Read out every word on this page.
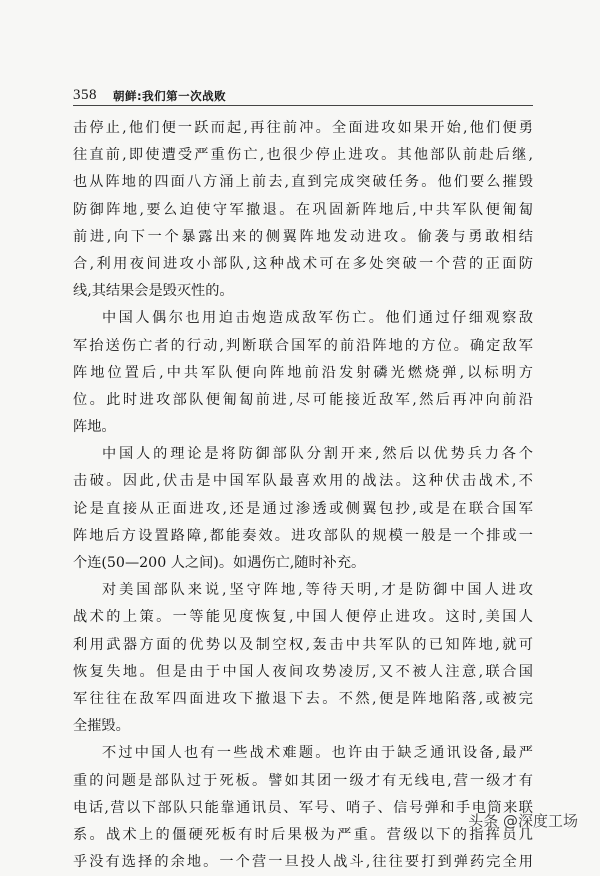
358 朝鲜:我们第一次战败
击停止,他们便一跃而起,再往前冲。全面进攻如果开始,他们便勇
往直前,即使遭受严重伤亡,也很少停止进攻。其他部队前赴后继,
也从阵地的四面八方涌上前去,直到完成突破任务。他们要么摧毁
防御阵地,要么迫使守军撤退。在巩固新阵地后,中共军队便匍匐
前进,向下一个暴露出来的侧翼阵地发动进攻。偷袭与勇敢相结
合,利用夜间进攻小部队,这种战术可在多处突破一个营的正面防
线,其结果会是毁灭性的。
中国人偶尔也用迫击炮造成敌军伤亡。他们通过仔细观察敌
军抬送伤亡者的行动,判断联合国军的前沿阵地的方位。确定敌军
阵地位置后,中共军队便向阵地前沿发射磷光燃烧弹,以标明方
位。此时进攻部队便匍匐前进,尽可能接近敌军,然后再冲向前沿
阵地。
中国人的理论是将防御部队分割开来,然后以优势兵力各个
击破。因此,伏击是中国军队最喜欢用的战法。这种伏击战术,不
论是直接从正面进攻,还是通过渗透或侧翼包抄,或是在联合国军
阵地后方设置路障,都能奏效。进攻部队的规模一般是一个排或一
个连(50—200 人之间)。如遇伤亡,随时补充。
对美国部队来说,坚守阵地,等待天明,才是防御中国人进攻
战术的上策。一等能见度恢复,中国人便停止进攻。这时,美国人
利用武器方面的优势以及制空权,轰击中共军队的已知阵地,就可
恢复失地。但是由于中国人夜间攻势凌厉,又不被人注意,联合国
军往往在敌军四面进攻下撤退下去。不然,便是阵地陷落,或被完
全摧毁。
不过中国人也有一些战术难题。也许由于缺乏通讯设备,最严
重的问题是部队过于死板。譬如其团一级才有无线电,营一级才有
电话,营以下部队只能靠通讯员、军号、哨子、信号弹和手电筒来联
系。战术上的僵硬死板有时后果极为严重。营级以下的指挥员几
乎没有选择的余地。一个营一旦投人战斗,往往要打到弹药完全用
头条 @深度工场
